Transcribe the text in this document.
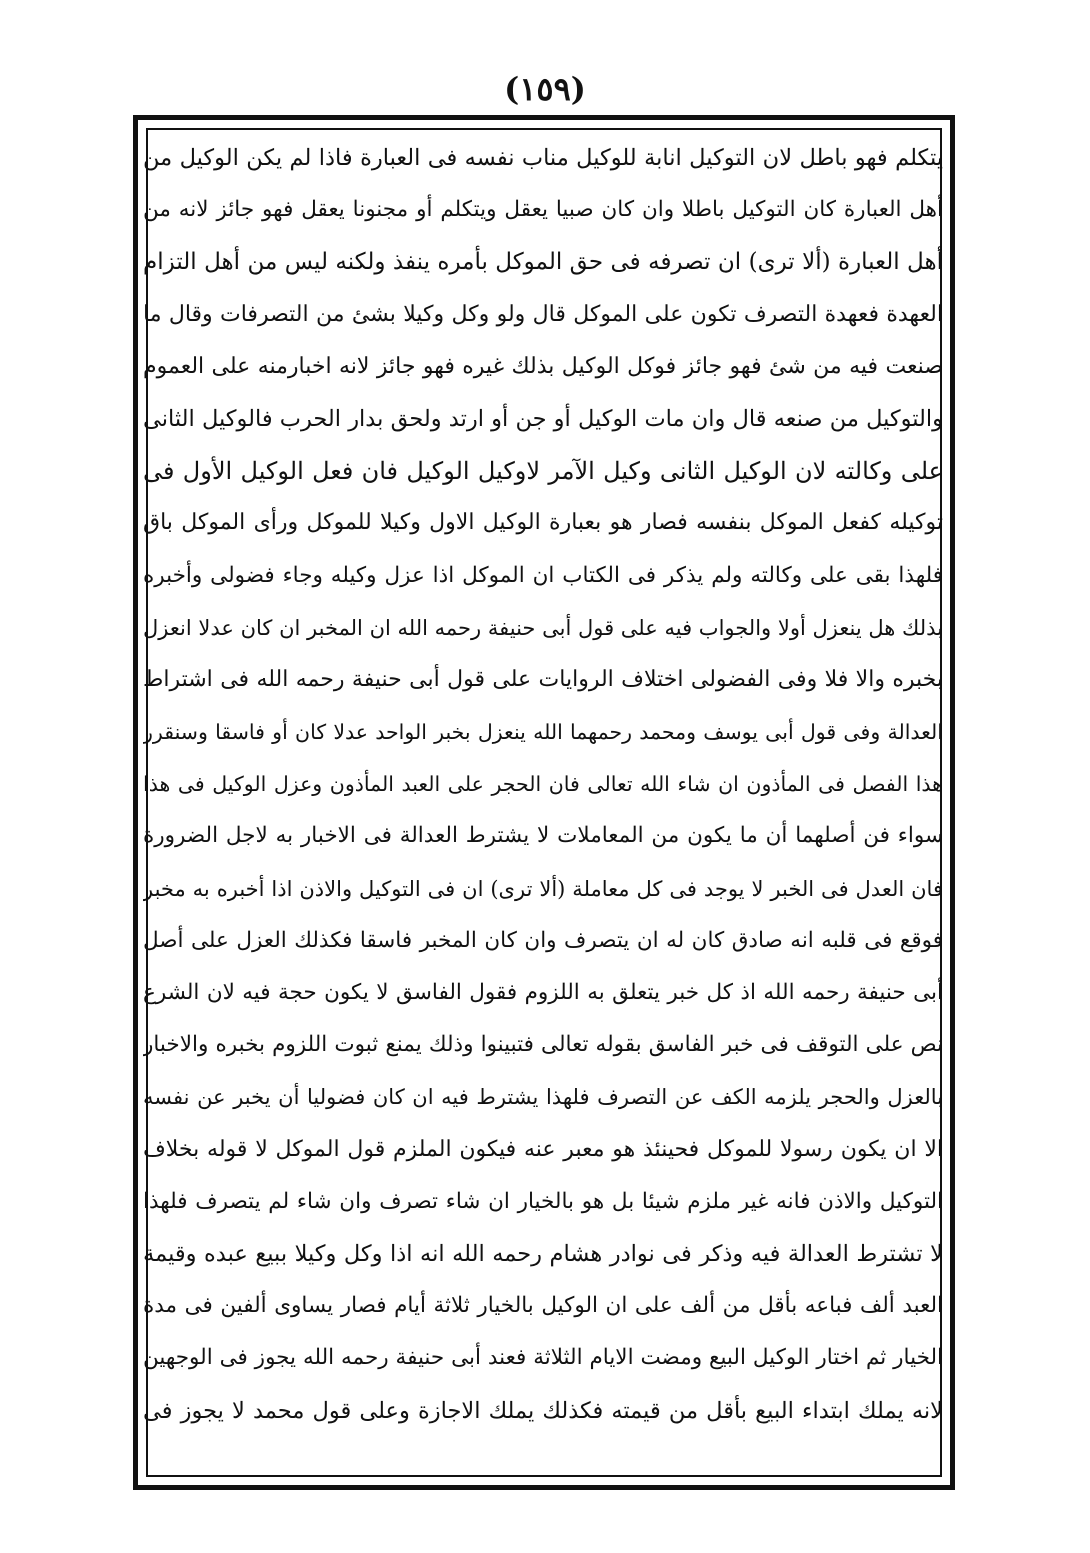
(١٥٩)
يتكلم فهو باطل لان التوكيل انابة للوكيل مناب نفسه فى العبارة فاذا لم يكن الوكيل من
أهل العبارة كان التوكيل باطلا وان كان صبيا يعقل ويتكلم أو مجنونا يعقل فهو جائز لانه من
أهل العبارة (ألا ترى) ان تصرفه فى حق الموكل بأمره ينفذ ولكنه ليس من أهل التزام
العهدة فعهدة التصرف تكون على الموكل قال ولو وكل وكيلا بشئ من التصرفات وقال ما
صنعت فيه من شئ فهو جائز فوكل الوكيل بذلك غيره فهو جائز لانه اخبارمنه على العموم
والتوكيل من صنعه قال وان مات الوكيل أو جن أو ارتد ولحق بدار الحرب فالوكيل الثانى
على وكالته لان الوكيل الثانى وكيل الآمر لاوكيل الوكيل فان فعل الوكيل الأول فى
توكيله كفعل الموكل بنفسه فصار هو بعبارة الوكيل الاول وكيلا للموكل ورأى الموكل باق
فلهذا بقى على وكالته ولم يذكر فى الكتاب ان الموكل اذا عزل وكيله وجاء فضولى وأخبره
بذلك هل ينعزل أولا والجواب فيه على قول أبى حنيفة رحمه الله ان المخبر ان كان عدلا انعزل
بخبره والا فلا وفى الفضولى اختلاف الروايات على قول أبى حنيفة رحمه الله فى اشتراط
العدالة وفى قول أبى يوسف ومحمد رحمهما الله ينعزل بخبر الواحد عدلا كان أو فاسقا وسنقرر
هذا الفصل فى المأذون ان شاء الله تعالى فان الحجر على العبد المأذون وعزل الوكيل فى هذا
سواء فن أصلهما أن ما يكون من المعاملات لا يشترط العدالة فى الاخبار به لاجل الضرورة
فان العدل فى الخبر لا يوجد فى كل معاملة (ألا ترى) ان فى التوكيل والاذن اذا أخبره به مخبر
فوقع فى قلبه انه صادق كان له ان يتصرف وان كان المخبر فاسقا فكذلك العزل على أصل
أبى حنيفة رحمه الله اذ كل خبر يتعلق به اللزوم فقول الفاسق لا يكون حجة فيه لان الشرع
نص على التوقف فى خبر الفاسق بقوله تعالى فتبينوا وذلك يمنع ثبوت اللزوم بخبره والاخبار
بالعزل والحجر يلزمه الكف عن التصرف فلهذا يشترط فيه ان كان فضوليا أن يخبر عن نفسه
الا ان يكون رسولا للموكل فحينئذ هو معبر عنه فيكون الملزم قول الموكل لا قوله بخلاف
التوكيل والاذن فانه غير ملزم شيئا بل هو بالخيار ان شاء تصرف وان شاء لم يتصرف فلهذا
لا تشترط العدالة فيه وذكر فى نوادر هشام رحمه الله انه اذا وكل وكيلا ببيع عبده وقيمة
العبد ألف فباعه بأقل من ألف على ان الوكيل بالخيار ثلاثة أيام فصار يساوى ألفين فى مدة
الخيار ثم اختار الوكيل البيع ومضت الايام الثلاثة فعند أبى حنيفة رحمه الله يجوز فى الوجهين
لانه يملك ابتداء البيع بأقل من قيمته فكذلك يملك الاجازة وعلى قول محمد لا يجوز فى
